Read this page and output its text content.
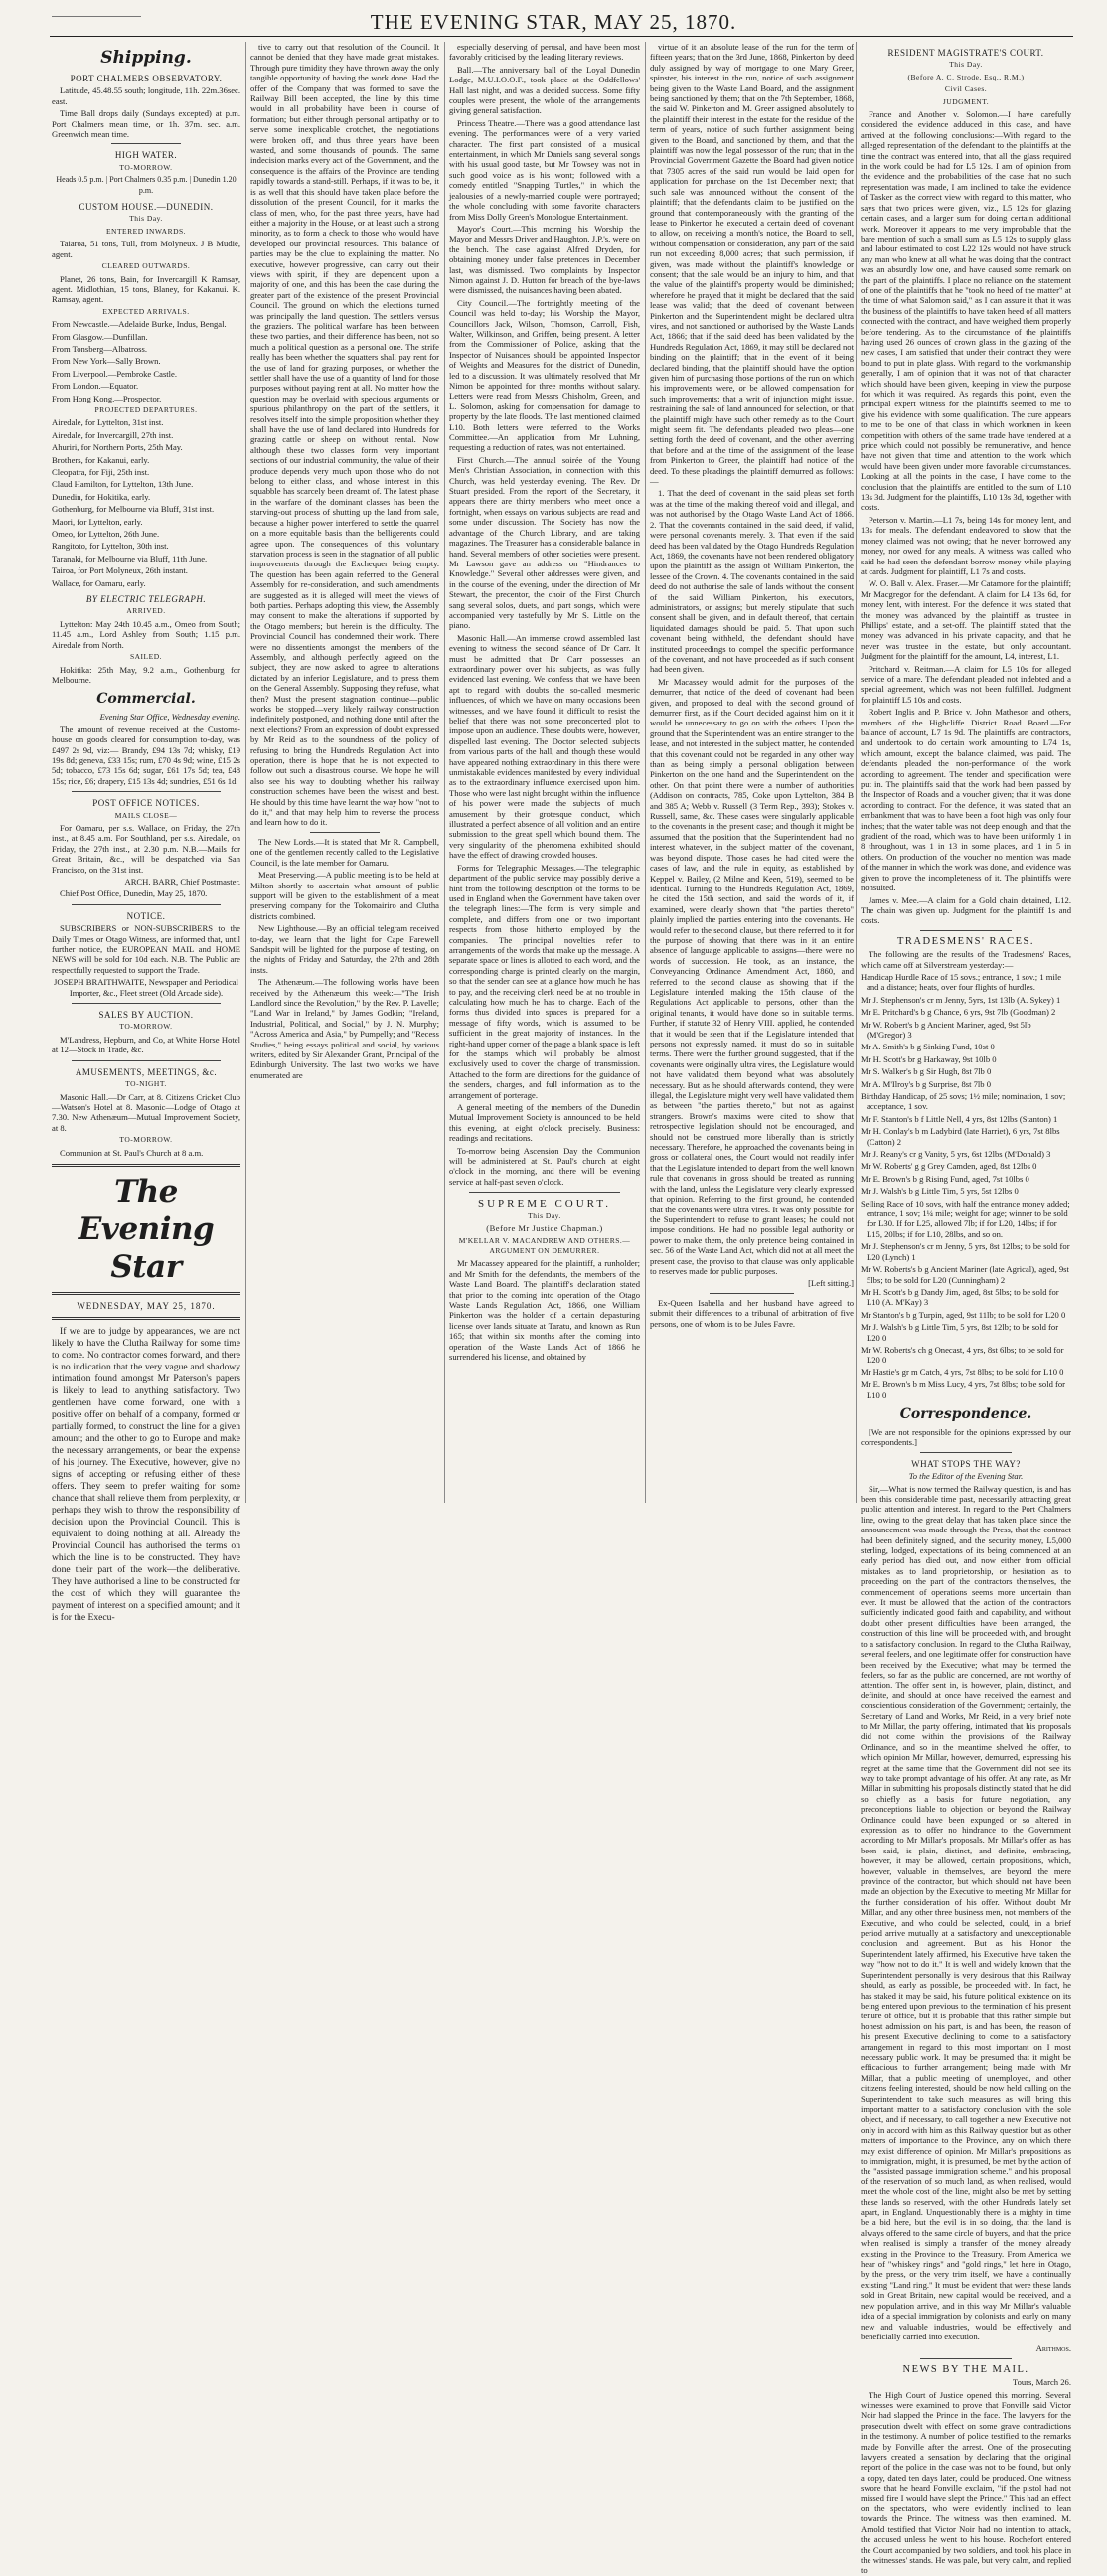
THE EVENING STAR, MAY 25, 1870.
Shipping.
PORT CHALMERS OBSERVATORY.

Latitude, 45.48.55 south; longitude, 11h. 22m.36sec. east.

Time Ball drops daily (Sundays excepted) at p.m. Port Chalmers mean time, or 1h. 37m. sec. a.m. Greenwich mean time.

HIGH WATER.
TO-MORROW.
Heads 0.5 p.m. | Port Chalmers 0.35 p.m. | Dunedin 1.20 p.m.
CUSTOM HOUSE.—DUNEDIN.
This Day.
ENTERED INWARDS.

Taiaroa, 51 tons, Tull, from Molyneux. J B Mudie, agent.

CLEARED OUTWARDS.

Planet, 26 tons, Bain, for Invercargill K Ramsay, agent. Midlothian, 15 tons, Blaney, for Kakanui. K. Ramsay, agent.

EXPECTED ARRIVALS.

From Newcastle.—Adelaide Burke, Indus, Bengal.

From Glasgow.—Dunfillan.

From Tonsberg—Albatross.

From New York—Sally Brown.

From Liverpool.—Pembroke Castle.

From London.—Equator.

From Hong Kong.—Prospector.

PROJECTED DEPARTURES.

Airedale, for Lyttelton, 31st inst.

Airedale, for Invercargill, 27th inst.

Ahuriri, for Northern Ports, 25th May.

Brothers, for Kakanui, early.

Cleopatra, for Fiji, 25th inst.

Claud Hamilton, for Lyttelton, 13th June.

Dunedin, for Hokitika, early.

Gothenburg, for Melbourne via Bluff, 31st inst.

Maori, for Lyttelton, early.

Omeo, for Lyttelton, 26th June.

Rangitoto, for Lyttelton, 30th inst.

Taranaki, for Melbourne via Bluff, 11th June.

Tairoa, for Port Molyneux, 26th instant.

Wallace, for Oamaru, early.

BY ELECTRIC TELEGRAPH.
ARRIVED.

Lyttelton: May 24th 10.45 a.m., Omeo from South; 11.45 a.m., Lord Ashley from South; 1.15 p.m. Airedale from North.

SAILED.

Hokitika: 25th May, 9.2 a.m., Gothenburg for Melbourne.

Commercial.

Evening Star Office, Wednesday evening.

The amount of revenue received at the Customs-house on goods cleared for consumption to-day, was £497 2s 9d, viz:— Brandy, £94 13s 7d; whisky, £19 19s 8d; geneva, £33 15s; rum, £70 4s 9d; wine, £15 2s 5d; tobacco, £73 15s 6d; sugar, £61 17s 5d; tea, £48 15s; rice, £6; drapery, £15 13s 4d; sundries, £51 6s 1d.

POST OFFICE NOTICES.
MAILS CLOSE—

For Oamaru, per s.s. Wallace, on Friday, the 27th inst., at 8.45 a.m. For Southland, per s.s. Airedale, on Friday, the 27th inst., at 2.30 p.m. N.B.—Mails for Great Britain, &c., will be despatched via San Francisco, on the 31st inst.

ARCH. BARR, Chief Postmaster.

Chief Post Office, Dunedin, May 25, 1870.

NOTICE.

SUBSCRIBERS or NON-SUBSCRIBERS to the Daily Times or Otago Witness, are informed that, until further notice, the EUROPEAN MAIL and HOME NEWS will be sold for 10d each. N.B. The Public are respectfully requested to support the Trade.

JOSEPH BRAITHWAITE, Newspaper and Periodical Importer, &c., Fleet street (Old Arcade side).

SALES BY AUCTION.
TO-MORROW.

M'Landress, Hepburn, and Co, at White Horse Hotel at 12—Stock in Trade, &c.

AMUSEMENTS, MEETINGS, &c.
TO-NIGHT.

Masonic Hall.—Dr Carr, at 8. Citizens Cricket Club—Watson's Hotel at 8. Masonic—Lodge of Otago at 7.30. New Athenæum—Mutual Improvement Society, at 8.

TO-MORROW.

Communion at St. Paul's Church at 8 a.m.

The Evening Star
WEDNESDAY, MAY 25, 1870.

If we are to judge by appearances, we are not likely to have the Clutha Railway for some time to come. No contractor comes forward, and there is no indication that the very vague and shadowy intimation found amongst Mr Paterson's papers is likely to lead to anything satisfactory. Two gentlemen have come forward, one with a positive offer on behalf of a company, formed or partially formed, to construct the line for a given amount; and the other to go to Europe and make the necessary arrangements, or bear the expense of his journey. The Executive, however, give no signs of accepting or refusing either of these offers. They seem to prefer waiting for some chance that shall relieve them from perplexity, or perhaps they wish to throw the responsibility of decision upon the Provincial Council. This is equivalent to doing nothing at all. Already the Provincial Council has authorised the terms on which the line is to be constructed. They have done their part of the work—the deliberative. They have authorised a line to be constructed for the cost of which they will guarantee the payment of interest on a specified amount; and it is for the Execu-

tive to carry out that resolution of the Council. It cannot be denied that they have made great mistakes. Through pure timidity they have thrown away the only tangible opportunity of having the work done. Had the offer of the Company that was formed to save the Railway Bill been accepted, the line by this time would in all probability have been in course of formation; but either through personal antipathy or to serve some inexplicable crotchet, the negotiations were broken off, and thus three years have been wasted, and some thousands of pounds. The same indecision marks every act of the Government, and the consequence is the affairs of the Province are tending rapidly towards a stand-still. Perhaps, if it was to be, it is as well that this should have taken place before the dissolution of the present Council, for it marks the class of men, who, for the past three years, have had either a majority in the House, or at least such a strong minority, as to form a check to those who would have developed our provincial resources. This balance of parties may be the clue to explaining the matter. No executive, however progressive, can carry out their views with spirit, if they are dependent upon a majority of one, and this has been the case during the greater part of the existence of the present Provincial Council. The ground on which the elections turned was principally the land question. The settlers versus the graziers. The political warfare has been between these two parties, and their difference has been, not so much a political question as a personal one. The strife really has been whether the squatters shall pay rent for the use of land for grazing purposes, or whether the settler shall have the use of a quantity of land for those purposes without paying rent at all. No matter how the question may be overlaid with specious arguments or spurious philanthropy on the part of the settlers, it resolves itself into the simple proposition whether they shall have the use of land declared into Hundreds for grazing cattle or sheep on without rental. Now although these two classes form very important sections of our industrial community, the value of their produce depends very much upon those who do not belong to either class, and whose interest in this squabble has scarcely been dreamt of. The latest phase in the warfare of the dominant classes has been the starving-out process of shutting up the land from sale, because a higher power interfered to settle the quarrel on a more equitable basis than the belligerents could agree upon. The consequences of this voluntary starvation process is seen in the stagnation of all public improvements through the Exchequer being empty. The question has been again referred to the General Assembly for re-consideration, and such amendments are suggested as it is alleged will meet the views of both parties. Perhaps adopting this view, the Assembly may consent to make the alterations if supported by the Otago members; but herein is the difficulty. The Provincial Council has condemned their work. There were no dissentients amongst the members of the Assembly, and although perfectly agreed on the subject, they are now asked to agree to alterations dictated by an inferior Legislature, and to press them on the General Assembly. Supposing they refuse, what then? Must the present stagnation continue—public works be stopped—very likely railway construction indefinitely postponed, and nothing done until after the next elections? From an expression of doubt expressed by Mr Reid as to the soundness of the policy of refusing to bring the Hundreds Regulation Act into operation, there is hope that he is not expected to follow out such a disastrous course. We hope he will also see his way to doubting whether his railway construction schemes have been the wisest and best. He should by this time have learnt the way how "not to do it," and that may help him to reverse the process and learn how to do it.

The New Lords.—It is stated that Mr R. Campbell, one of the gentlemen recently called to the Legislative Council, is the late member for Oamaru.

Meat Preserving.—A public meeting is to be held at Milton shortly to ascertain what amount of public support will be given to the establishment of a meat preserving company for the Tokomairiro and Clutha districts combined.

New Lighthouse.—By an official telegram received to-day, we learn that the light for Cape Farewell Sandspit will be lighted for the purpose of testing, on the nights of Friday and Saturday, the 27th and 28th insts.

The Athenæum.—The following works have been received by the Athenæum this week:—"The Irish Landlord since the Revolution," by the Rev. P. Lavelle; "Land War in Ireland," by James Godkin; "Ireland, Industrial, Political, and Social," by J. N. Murphy; "Across America and Asia," by Pumpelly; and "Recess Studies," being essays political and social, by various writers, edited by Sir Alexander Grant, Principal of the Edinburgh University. The last two works we have enumerated are

especially deserving of perusal, and have been most favorably criticised by the leading literary reviews.

Ball.—The anniversary ball of the Loyal Dunedin Lodge, M.U.I.O.O.F., took place at the Oddfellows' Hall last night, and was a decided success. Some fifty couples were present, the whole of the arrangements giving general satisfaction.

Princess Theatre.—There was a good attendance last evening. The performances were of a very varied character. The first part consisted of a musical entertainment, in which Mr Daniels sang several songs with his usual good taste, but Mr Towsey was not in such good voice as is his wont; followed with a comedy entitled "Snapping Turtles," in which the jealousies of a newly-married couple were portrayed; the whole concluding with some favorite characters from Miss Dolly Green's Monologue Entertainment.

Mayor's Court.—This morning his Worship the Mayor and Messrs Driver and Haughton, J.P.'s, were on the bench. The case against Alfred Dryden, for obtaining money under false pretences in December last, was dismissed. Two complaints by Inspector Nimon against J. D. Hutton for breach of the bye-laws were dismissed, the nuisances having been abated.

City Council.—The fortnightly meeting of the Council was held to-day; his Worship the Mayor, Councillors Jack, Wilson, Thomson, Carroll, Fish, Walter, Wilkinson, and Griffen, being present. A letter from the Commissioner of Police, asking that the Inspector of Nuisances should be appointed Inspector of Weights and Measures for the district of Dunedin, led to a discussion. It was ultimately resolved that Mr Nimon be appointed for three months without salary. Letters were read from Messrs Chisholm, Green, and L. Solomon, asking for compensation for damage to property by the late floods. The last mentioned claimed L10. Both letters were referred to the Works Committee.—An application from Mr Luhning, requesting a reduction of rates, was not entertained.

First Church.—The annual soirée of the Young Men's Christian Association, in connection with this Church, was held yesterday evening. The Rev. Dr Stuart presided. From the report of the Secretary, it appears there are thirty members who meet once a fortnight, when essays on various subjects are read and some under discussion. The Society has now the advantage of the Church Library, and are taking magazines. The Treasurer has a considerable balance in hand. Several members of other societies were present. Mr Lawson gave an address on "Hindrances to Knowledge." Several other addresses were given, and in the course of the evening, under the direction of Mr Stewart, the precentor, the choir of the First Church sang several solos, duets, and part songs, which were accompanied very tastefully by Mr S. Little on the piano.

Masonic Hall.—An immense crowd assembled last evening to witness the second séance of Dr Carr. It must be admitted that Dr Carr possesses an extraordinary power over his subjects, as was fully evidenced last evening. We confess that we have been apt to regard with doubts the so-called mesmeric influences, of which we have on many occasions been witnesses, and we have found it difficult to resist the belief that there was not some preconcerted plot to impose upon an audience. These doubts were, however, dispelled last evening. The Doctor selected subjects from various parts of the hall, and though these would have appeared nothing extraordinary in this there were unmistakable evidences manifested by every individual as to the extraordinary influence exercised upon him. Those who were last night brought within the influence of his power were made the subjects of much amusement by their grotesque conduct, which illustrated a perfect absence of all volition and an entire submission to the great spell which bound them. The very singularity of the phenomena exhibited should have the effect of drawing crowded houses.

Forms for Telegraphic Messages.—The telegraphic department of the public service may possibly derive a hint from the following description of the forms to be used in England when the Government have taken over the telegraph lines:—The form is very simple and complete, and differs from one or two important respects from those hitherto employed by the companies. The principal novelties refer to arrangements of the words that make up the message. A separate space or lines is allotted to each word, and the corresponding charge is printed clearly on the margin, so that the sender can see at a glance how much he has to pay, and the receiving clerk need be at no trouble in calculating how much he has to charge. Each of the forms thus divided into spaces is prepared for a message of fifty words, which is assumed to be sufficient in the great majority of instances. In the right-hand upper corner of the page a blank space is left for the stamps which will probably be almost exclusively used to cover the charge of transmission. Attached to the form are directions for the guidance of the senders, charges, and full information as to the arrangement of porterage.

A general meeting of the members of the Dunedin Mutual Improvement Society is announced to be held this evening, at eight o'clock precisely. Business: readings and recitations.

To-morrow being Ascension Day the Communion will be administered at St. Paul's church at eight o'clock in the morning, and there will be evening service at half-past seven o'clock.

SUPREME COURT.
This Day.
(Before Mr Justice Chapman.)
M'KELLAR V. MACANDREW AND OTHERS.—ARGUMENT ON DEMURRER.

Mr Macassey appeared for the plaintiff, a runholder; and Mr Smith for the defendants, the members of the Waste Land Board. The plaintiff's declaration stated that prior to the coming into operation of the Otago Waste Lands Regulation Act, 1866, one William Pinkerton was the holder of a certain depasturing license over lands situate at Taratu, and known as Run 165; that within six months after the coming into operation of the Waste Lands Act of 1866 he surrendered his license, and obtained by

virtue of it an absolute lease of the run for the term of fifteen years; that on the 3rd June, 1868, Pinkerton by deed duly assigned by way of mortgage to one Mary Greer, spinster, his interest in the run, notice of such assignment being given to the Waste Land Board, and the assignment being sanctioned by them; that on the 7th September, 1868, the said W. Pinkerton and M. Greer assigned absolutely to the plaintiff their interest in the estate for the residue of the term of years, notice of such further assignment being given to the Board, and sanctioned by them, and that the plaintiff was now the legal possessor of the run; that in the Provincial Government Gazette the Board had given notice that 7305 acres of the said run would be laid open for application for purchase on the 1st December next; that such sale was announced without the consent of the plaintiff; that the defendants claim to be justified on the ground that contemporaneously with the granting of the lease to Pinkerton he executed a certain deed of covenant to allow, on receiving a month's notice, the Board to sell, without compensation or consideration, any part of the said run not exceeding 8,000 acres; that such permission, if given, was made without the plaintiff's knowledge or consent; that the sale would be an injury to him, and that the value of the plaintiff's property would be diminished; wherefore he prayed that it might be declared that the said lease was valid; that the deed of covenant between Pinkerton and the Superintendent might be declared ultra vires, and not sanctioned or authorised by the Waste Lands Act, 1866; that if the said deed has been validated by the Hundreds Regulation Act, 1869, it may still be declared not binding on the plaintiff; that in the event of it being declared binding, that the plaintiff should have the option given him of purchasing those portions of the run on which his improvements were, or be allowed compensation for such improvements; that a writ of injunction might issue, restraining the sale of land announced for selection, or that the plaintiff might have such other remedy as to the Court might seem fit. The defendants pleaded two pleas—one setting forth the deed of covenant, and the other averring that before and at the time of the assignment of the lease from Pinkerton to Greer, the plaintiff had notice of the deed. To these pleadings the plaintiff demurred as follows:—

1. That the deed of covenant in the said pleas set forth was at the time of the making thereof void and illegal, and was not authorised by the Otago Waste Land Act of 1866. 2. That the covenants contained in the said deed, if valid, were personal covenants merely. 3. That even if the said deed has been validated by the Otago Hundreds Regulation Act, 1869, the covenants have not been rendered obligatory upon the plaintiff as the assign of William Pinkerton, the lessee of the Crown. 4. The covenants contained in the said deed do not authorise the sale of lands without the consent of the said William Pinkerton, his executors, administrators, or assigns; but merely stipulate that such consent shall be given, and in default thereof, that certain liquidated damages should be paid. 5. That upon such covenant being withheld, the defendant should have instituted proceedings to compel the specific performance of the covenant, and not have proceeded as if such consent had been given.

Mr Macassey would admit for the purposes of the demurrer, that notice of the deed of covenant had been given, and proposed to deal with the second ground of demurrer first, as if the Court decided against him on it it would be unnecessary to go on with the others. Upon the ground that the Superintendent was an entire stranger to the lease, and not interested in the subject matter, he contended that this covenant could not be regarded in any other way than as being simply a personal obligation between Pinkerton on the one hand and the Superintendent on the other. On that point there were a number of authorities (Addison on contracts, 785, Coke upon Lyttelton, 384 B and 385 A; Webb v. Russell (3 Term Rep., 393); Stokes v. Russell, same, &c. These cases were singularly applicable to the covenants in the present case; and though it might be assumed that the position that the Superintendent had no interest whatever, in the subject matter of the covenant, was beyond dispute. Those cases he had cited were the cases of law, and the rule in equity, as established by Keppel v. Bailey, (2 Milne and Keen, 519), seemed to be identical. Turning to the Hundreds Regulation Act, 1869, he cited the 15th section, and said the words of it, if examined, were clearly shown that "the parties thereto" plainly implied the parties entering into the covenants. He would refer to the second clause, but there referred to it for the purpose of showing that there was in it an entire absence of language applicable to assigns—there were no words of succession. He took, as an instance, the Conveyancing Ordinance Amendment Act, 1860, and referred to the second clause as showing that if the Legislature intended making the 15th clause of the Regulations Act applicable to persons, other than the original tenants, it would have done so in suitable terms. Further, if statute 32 of Henry VIII. applied, he contended that it would be seen that if the Legislature intended that persons not expressly named, it must do so in suitable terms. There were the further ground suggested, that if the covenants were originally ultra vires, the Legislature would not have validated them beyond what was absolutely necessary. But as he should afterwards contend, they were illegal, the Legislature might very well have validated them as between "the parties thereto," but not as against strangers. Brown's maxims were cited to show that retrospective legislation should not be encouraged, and should not be construed more liberally than is strictly necessary. Therefore, he approached the covenants being in gross or collateral ones, the Court would not readily infer that the Legislature intended to depart from the well known rule that covenants in gross should be treated as running with the land, unless the Legislature very clearly expressed that opinion. Referring to the first ground, he contended that the covenants were ultra vires. It was only possible for the Superintendent to refuse to grant leases; he could not impose conditions. He had no possible legal authority or power to make them, the only pretence being contained in sec. 56 of the Waste Land Act, which did not at all meet the present case, the proviso to that clause was only applicable to reserves made for public purposes.

[Left sitting.]

Ex-Queen Isabella and her husband have agreed to submit their differences to a tribunal of arbitration of five persons, one of whom is to be Jules Favre.

RESIDENT MAGISTRATE'S COURT.
This Day.
(Before A. C. Strode, Esq., R.M.)
Civil Cases.
JUDGMENT.

France and Another v. Solomon.—I have carefully considered the evidence adduced in this case, and have arrived at the following conclusions:—With regard to the alleged representation of the defendant to the plaintiffs at the time the contract was entered into, that all the glass required in the work could be had for L5 12s. I am of opinion from the evidence and the probabilities of the case that no such representation was made, I am inclined to take the evidence of Tasker as the correct view with regard to this matter, who says that two prices were given, viz., L5 12s for glazing certain cases, and a larger sum for doing certain additional work. Moreover it appears to me very improbable that the bare mention of such a small sum as L5 12s to supply glass and labour estimated to cost L22 12s would not have struck any man who knew at all what he was doing that the contract was an absurdly low one, and have caused some remark on the part of the plaintiffs. I place no reliance on the statement of one of the plaintiffs that he "took no heed of the matter" at the time of what Salomon said," as I can assure it that it was the business of the plaintiffs to have taken heed of all matters connected with the contract, and have weighed them properly before tendering. As to the circumstance of the plaintiffs having used 26 ounces of crown glass in the glazing of the new cases, I am satisfied that under their contract they were bound to put in plate glass. With regard to the workmanship generally, I am of opinion that it was not of that character which should have been given, keeping in view the purpose for which it was required. As regards this point, even the principal expert witness for the plaintiffs seemed to me to give his evidence with some qualification. The cure appears to me to be one of that class in which workmen in keen competition with others of the same trade have tendered at a price which could not possibly be remunerative, and hence have not given that time and attention to the work which would have been given under more favorable circumstances. Looking at all the points in the case, I have come to the conclusion that the plaintiffs are entitled to the sum of L10 13s 3d. Judgment for the plaintiffs, L10 13s 3d, together with costs.

Peterson v. Martin.—L1 7s, being 14s for money lent, and 13s for meals. The defendant endeavored to show that the money claimed was not owing; that he never borrowed any money, nor owed for any meals. A witness was called who said he had seen the defendant borrow money while playing at cards. Judgment for plaintiff, L1 7s and costs.

W. O. Ball v. Alex. Fraser.—Mr Catamore for the plaintiff; Mr Macgregor for the defendant. A claim for L4 13s 6d, for money lent, with interest. For the defence it was stated that the money was advanced by the plaintiff as trustee in Phillips' estate, and a set-off. The plaintiff stated that the money was advanced in his private capacity, and that he never was trustee in the estate, but only accountant. Judgment for the plaintiff for the amount, L4, interest, L1.

Pritchard v. Reitman.—A claim for L5 10s for alleged service of a mare. The defendant pleaded not indebted and a special agreement, which was not been fulfilled. Judgment for plaintiff L5 10s and costs.

Robert Inglis and P. Brice v. John Matheson and others, members of the Highcliffe District Road Board.—For balance of account, L7 1s 9d. The plaintiffs are contractors, and undertook to do certain work amounting to L74 1s, which amount, except the balance claimed, was paid. The defendants pleaded the non-performance of the work according to agreement. The tender and specification were put in. The plaintiffs said that the work had been passed by the Inspector of Roads and a voucher given; that it was done according to contract. For the defence, it was stated that an embankment that was to have been a foot high was only four inches; that the water table was not deep enough, and that the gradient of the road, which was to have been uniformly 1 in 8 throughout, was 1 in 13 in some places, and 1 in 5 in others. On production of the voucher no mention was made of the manner in which the work was done, and evidence was given to prove the incompleteness of it. The plaintiffs were nonsuited.

James v. Mee.—A claim for a Gold chain detained, L12. The chain was given up. Judgment for the plaintiff 1s and costs.

TRADESMENS' RACES.

The following are the results of the Tradesmens' Races, which came off at Silverstream yesterday:—

Handicap Hurdle Race of 15 sovs.; entrance, 1 sov.; 1 mile and a distance; heats, over four flights of hurdles.

Mr J. Stephenson's cr m Jenny, 5yrs, 1st 13lb (A. Sykey) 1

Mr E. Pritchard's b g Chance, 6 yrs, 9st 7lb (Goodman) 2

Mr W. Robert's b g Ancient Mariner, aged, 9st 5lb (M'Gregor) 3

Mr A. Smith's b g Sinking Fund, 10st 0

Mr H. Scott's br g Harkaway, 9st 10lb 0

Mr S. Walker's b g Sir Hugh, 8st 7lb 0

Mr A. M'Ilroy's b g Surprise, 8st 7lb 0

Birthday Handicap, of 25 sovs; 1½ mile; nomination, 1 sov; acceptance, 1 sov.

Mr F. Stanton's b f Little Nell, 4 yrs, 8st 12lbs (Stanton) 1

Mr H. Conlay's b m Ladybird (late Harriet), 6 yrs, 7st 8lbs (Catton) 2

Mr J. Reany's cr g Vanity, 5 yrs, 6st 12lbs (M'Donald) 3

Mr W. Roberts' g g Grey Camden, aged, 8st 12lbs 0

Mr E. Brown's b g Rising Fund, aged, 7st 10lbs 0

Mr J. Walsh's b g Little Tim, 5 yrs, 5st 12lbs 0

Selling Race of 10 sovs, with half the entrance money added; entrance, 1 sov; 1¼ mile; weight for age; winner to be sold for L30. If for L25, allowed 7lb; if for L20, 14lbs; if for L15, 20lbs; if for L10, 28lbs, and so on.

Mr J. Stephenson's cr m Jenny, 5 yrs, 8st 12lbs; to be sold for L20 (Lynch) 1

Mr W. Roberts's b g Ancient Mariner (late Agrical), aged, 9st 5lbs; to be sold for L20 (Cunningham) 2

Mr H. Scott's b g Dandy Jim, aged, 8st 5lbs; to be sold for L10 (A. M'Kay) 3

Mr Stanton's b g Turpin, aged, 9st 11lb; to be sold for L20 0

Mr J. Walsh's b g Little Tim, 5 yrs, 8st 12lb; to be sold for L20 0

Mr W. Roberts's ch g Onecast, 4 yrs, 8st 6lbs; to be sold for L20 0

Mr Hastie's gr m Catch, 4 yrs, 7st 8lbs; to be sold for L10 0

Mr E. Brown's b m Miss Lucy, 4 yrs, 7st 8lbs; to be sold for L10 0

Correspondence.

[We are not responsible for the opinions expressed by our correspondents.]

WHAT STOPS THE WAY?

To the Editor of the Evening Star.

Sir,—What is now termed the Railway question, is and has been this considerable time past, necessarily attracting great public attention and interest. In regard to the Port Chalmers line, owing to the great delay that has taken place since the announcement was made through the Press, that the contract had been definitely signed, and the security money, L5,000 sterling, lodged, expectations of its being commenced at an early period has died out, and now either from official mistakes as to land proprietorship, or hesitation as to proceeding on the part of the contractors themselves, the commencement of operations seems more uncertain than ever. It must be allowed that the action of the contractors sufficiently indicated good faith and capability, and without doubt other present difficulties have been arranged, the construction of this line will be proceeded with, and brought to a satisfactory conclusion. In regard to the Clutha Railway, several feelers, and one legitimate offer for construction have been received by the Executive; what may be termed the feelers, so far as the public are concerned, are not worthy of attention. The offer sent in, is however, plain, distinct, and definite, and should at once have received the earnest and conscientious consideration of the Government; certainly, the Secretary of Land and Works, Mr Reid, in a very brief note to Mr Millar, the party offering, intimated that his proposals did not come within the provisions of the Railway Ordinance, and so in the meantime shelved the offer, to which opinion Mr Millar, however, demurred, expressing his regret at the same time that the Government did not see its way to take prompt advantage of his offer. At any rate, as Mr Millar in submitting his proposals distinctly stated that he did so chiefly as a basis for future negotiation, any preconceptions liable to objection or beyond the Railway Ordinance could have been expunged or so altered in expression as to offer no hindrance to the Government according to Mr Millar's proposals. Mr Millar's offer as has been said, is plain, distinct, and definite, embracing, however, it may be allowed, certain propositions, which, however, valuable in themselves, are beyond the mere province of the contractor, but which should not have been made an objection by the Executive to meeting Mr Millar for the further consideration of his offer. Without doubt Mr Millar, and any other three business men, not members of the Executive, and who could be selected, could, in a brief period arrive mutually at a satisfactory and unexceptionable conclusion and agreement. But as his Honor the Superintendent lately affirmed, his Executive have taken the way "how not to do it." It is well and widely known that the Superintendent personally is very desirous that this Railway should, as early as possible, be proceeded with. In fact, he has staked it may be said, his future political existence on its being entered upon previous to the termination of his present tenure of office, but it is probable that this rather simple but honest admission on his part, is and has been, the reason of his present Executive declining to come to a satisfactory arrangement in regard to this most important on I most necessary public work. It may be presumed that it might be efficacious to further arrangement; being made with Mr Millar, that a public meeting of unemployed, and other citizens feeling interested, should be now held calling on the Superintendent to take such measures as will bring this important matter to a satisfactory conclusion with the sole object, and if necessary, to call together a new Executive not only in accord with him as this Railway question but as other matters of importance to the Province, any on which there may exist difference of opinion. Mr Millar's propositions as to immigration, might, it is presumed, be met by the action of the "assisted passage immigration scheme," and his proposal of the reservation of so much land, as when realised, would meet the whole cost of the line, might also be met by setting these lands so reserved, with the other Hundreds lately set apart, in England. Unquestionably there is a mighty in time be a bid here, but the evil is in so doing, that the land is always offered to the same circle of buyers, and that the price when realised is simply a transfer of the money already existing in the Province to the Treasury. From America we hear of "whiskey rings" and "gold rings," let here in Otago, by the press, or the very trim itself, we have a continually existing "Land ring." It must be evident that were these lands sold in Great Britain, new capital would be received, and a new population arrive, and in this way Mr Millar's valuable idea of a special immigration by colonists and early on many new and valuable industries, would be effectively and beneficially carried into execution.

Arithmos.

NEWS BY THE MAIL.

Tours, March 26.

The High Court of Justice opened this morning. Several witnesses were examined to prove that Fonville said Victor Noir had slapped the Prince in the face. The lawyers for the prosecution dwelt with effect on some grave contradictions in the testimony. A number of police testified to the remarks made by Fonville after the arrest. One of the prosecuting lawyers created a sensation by declaring that the original report of the police in the case was not to be found, but only a copy, dated ten days later, could be produced. One witness swore that he heard Fonville exclaim, "if the pistol had not missed fire I would have slept the Prince." This had an effect on the spectators, who were evidently inclined to lean towards the Prince. The witness was then examined. M. Arnold testified that Victor Noir had no intention to attack, the accused unless he went to his house. Rochefort entered the Court accompanied by two soldiers, and took his place in the witnesses' stands. He was pale, but very calm, and replied to
